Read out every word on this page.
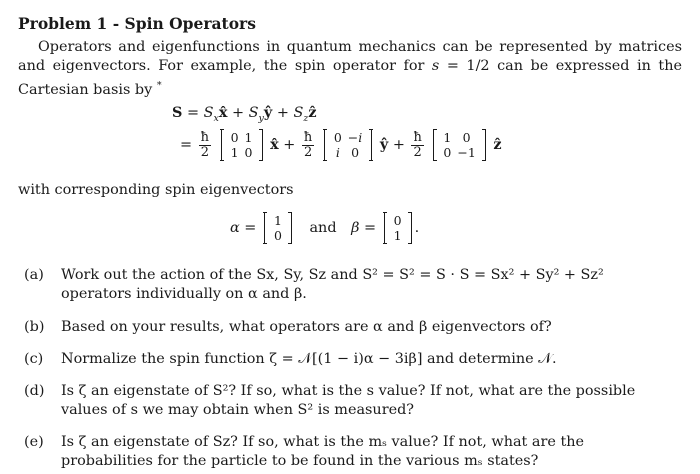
Problem 1 - Spin Operators
Operators and eigenfunctions in quantum mechanics can be represented by matrices and eigenvectors. For example, the spin operator for s = 1/2 can be expressed in the Cartesian basis by *
$S = S_xx̂$ + $S_yŷ$ + $S_zẑ$
= $\frac{ħ}{2}$
0	1
1	0 x̂ + $\frac{ħ}{2}$
0	−i
i	0 ŷ + $\frac{ħ}{2}$
1	0
0	−1 ẑ
with corresponding spin eigenvectors
α = 1
0 and β = 0
1 .
(a) Work out the action of the Sx, Sy, Sz and S² = S² = S · S = Sx² + Sy² + Sz² operators individually on α and β.
(b) Based on your results, what operators are α and β eigenvectors of?
(c) Normalize the spin function ζ = 𝒩[(1 − i)α − 3iβ] and determine 𝒩.
(d) Is ζ an eigenstate of S²? If so, what is the s value? If not, what are the possible values of s we may obtain when S² is measured?
(e) Is ζ an eigenstate of Sz? If so, what is the mₛ value? If not, what are the probabilities for the particle to be found in the various mₛ states?
